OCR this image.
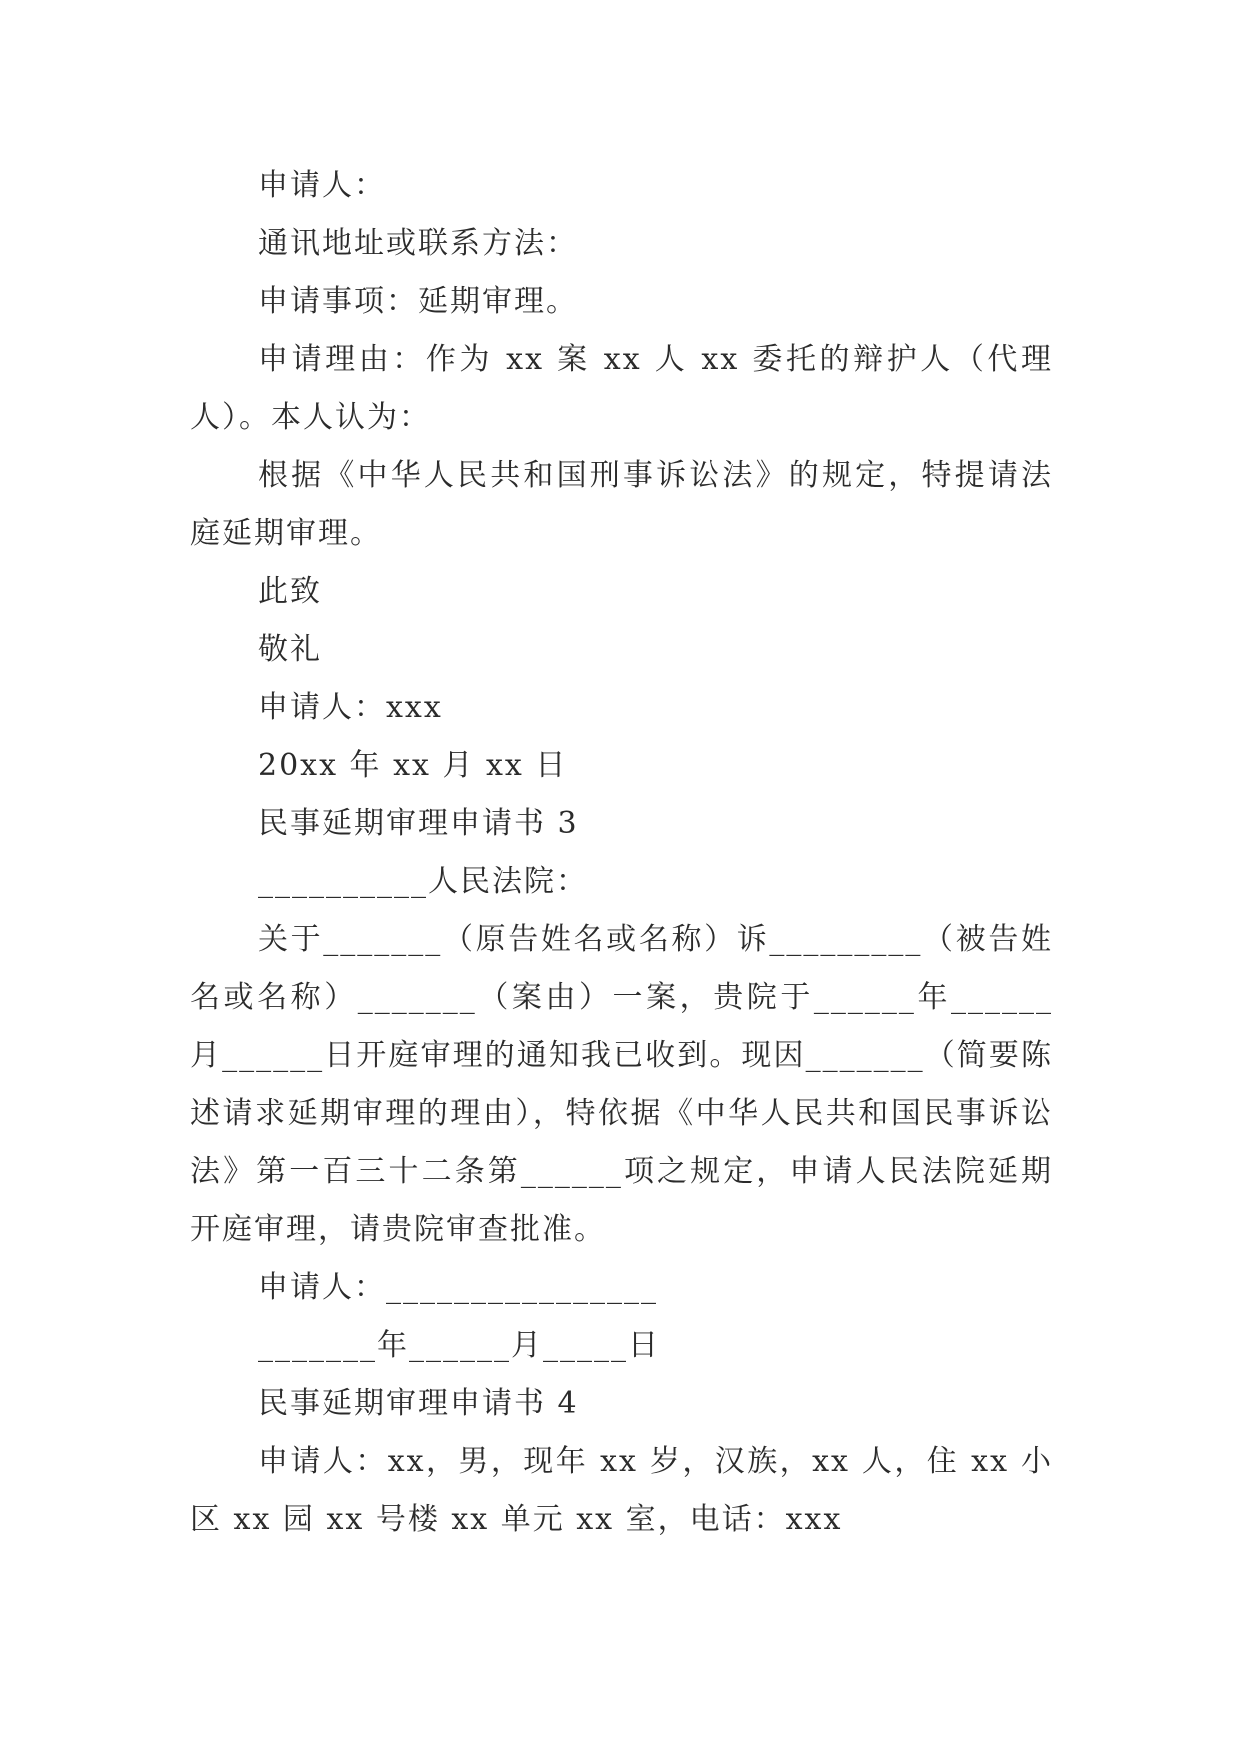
申请人：

通讯地址或联系方法：

申请事项：延期审理。

申请理由：作为 xx 案 xx 人 xx 委托的辩护人（代理人）。本人认为：

根据《中华人民共和国刑事诉讼法》的规定，特提请法庭延期审理。

此致

敬礼

申请人：xxx

20xx 年 xx 月 xx 日

民事延期审理申请书 3

__________人民法院：

关于_______（原告姓名或名称）诉_________（被告姓名或名称）_______（案由）一案，贵院于______年______月______日开庭审理的通知我已收到。现因_______（简要陈述请求延期审理的理由），特依据《中华人民共和国民事诉讼法》第一百三十二条第______项之规定，申请人民法院延期开庭审理，请贵院审查批准。

申请人：________________

_______年______月_____日

民事延期审理申请书 4

申请人：xx，男，现年 xx 岁，汉族，xx 人，住 xx 小区 xx 园 xx 号楼 xx 单元 xx 室，电话：xxx
